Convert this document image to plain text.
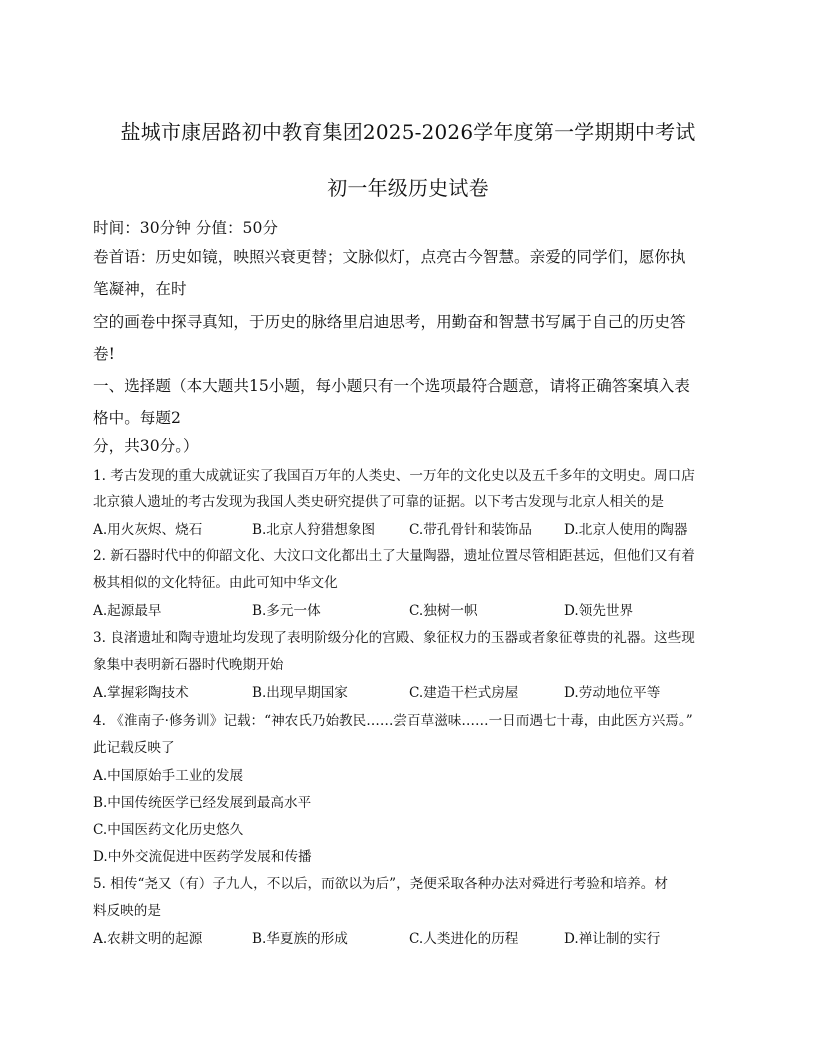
盐城市康居路初中教育集团2025-2026学年度第一学期期中考试
初一年级历史试卷
时间：30分钟 分值：50分
卷首语：历史如镜，映照兴衰更替；文脉似灯，点亮古今智慧。亲爱的同学们，愿你执
笔凝神，在时
空的画卷中探寻真知，于历史的脉络里启迪思考，用勤奋和智慧书写属于自己的历史答
卷!
一、选择题（本大题共15小题，每小题只有一个选项最符合题意，请将正确答案填入表
格中。每题2
分，共30分。）
1. 考古发现的重大成就证实了我国百万年的人类史、一万年的文化史以及五千多年的文明史。周口店
北京猿人遗址的考古发现为我国人类史研究提供了可靠的证据。以下考古发现与北京人相关的是
A.用火灰烬、烧石	B.北京人狩猎想象图 C.带孔骨针和装饰品 D.北京人使用的陶器
2. 新石器时代中的仰韶文化、大汶口文化都出土了大量陶器，遗址位置尽管相距甚远，但他们又有着
极其相似的文化特征。由此可知中华文化
A.起源最早	B.多元一体	C.独树一帜	D.领先世界
3. 良渚遗址和陶寺遗址均发现了表明阶级分化的宫殿、象征权力的玉器或者象征尊贵的礼器。这些现
象集中表明新石器时代晚期开始
A.掌握彩陶技术	B.出现早期国家	C.建造干栏式房屋	D.劳动地位平等
4. 《淮南子·修务训》记载：“神农氏乃始教民……尝百草滋味……一日而遇七十毒，由此医方兴焉。”
此记载反映了
A.中国原始手工业的发展
B.中国传统医学已经发展到最高水平
C.中国医药文化历史悠久
D.中外交流促进中医药学发展和传播
5. 相传“尧又（有）子九人，不以后，而欲以为后”，尧便采取各种办法对舜进行考验和培养。材
料反映的是
A.农耕文明的起源	B.华夏族的形成	C.人类进化的历程	D.禅让制的实行
